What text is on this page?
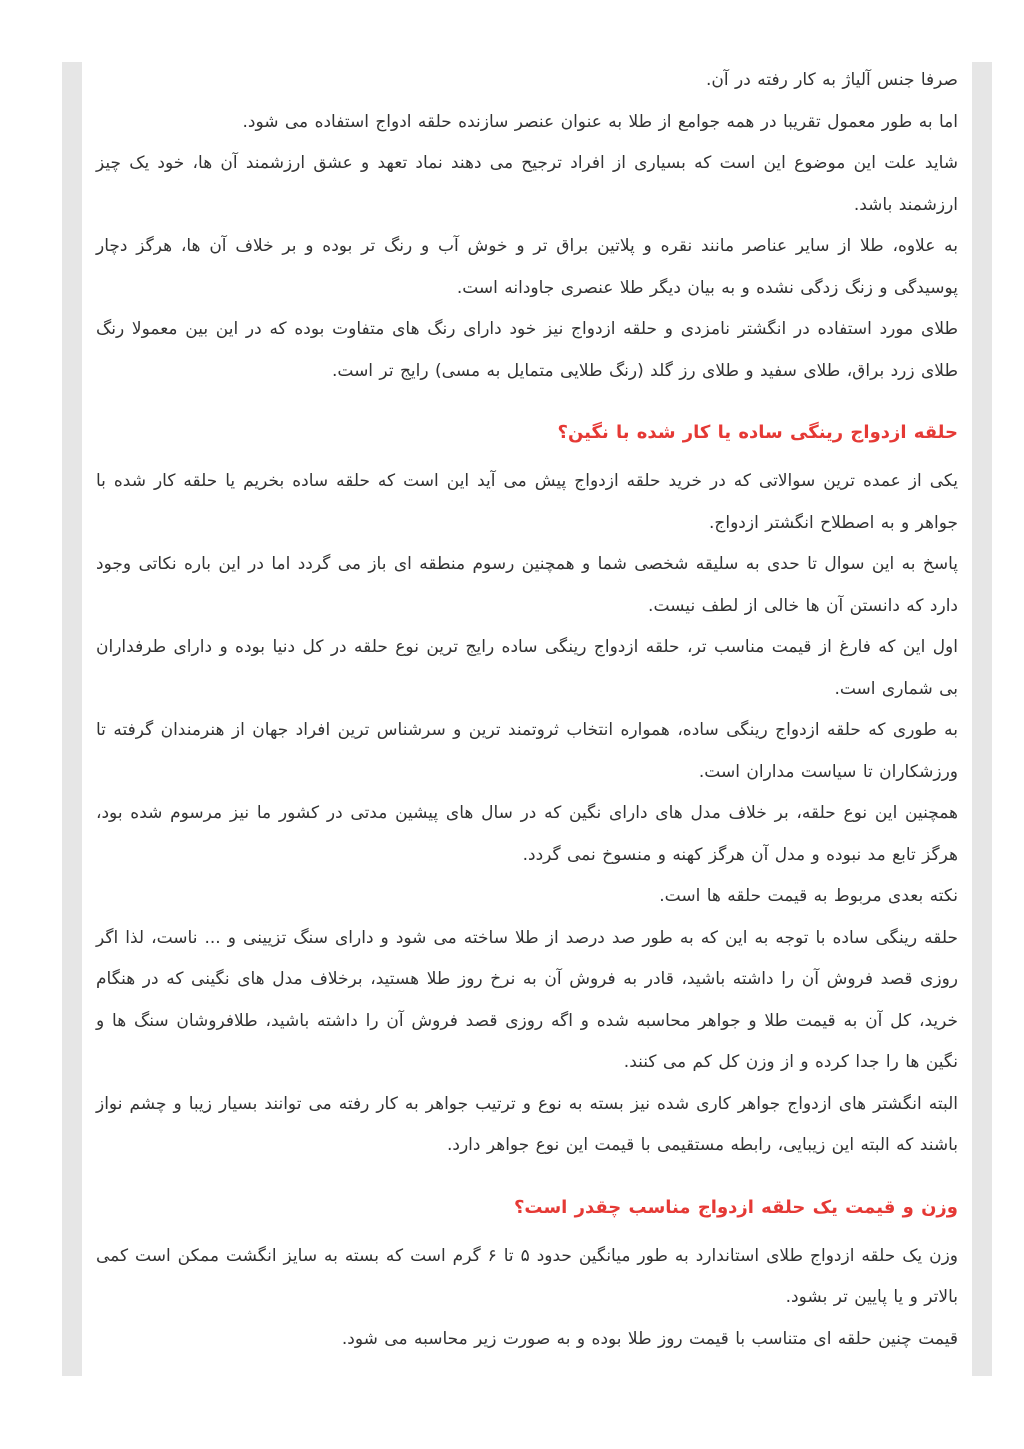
صرفا جنس آلیاژ به کار رفته در آن.

اما به طور معمول تقریبا در همه جوامع از طلا به عنوان عنصر سازنده حلقه ادواج استفاده می شود.

شاید علت این موضوع این است که بسیاری از افراد ترجیح می دهند نماد تعهد و عشق ارزشمند آن ها، خود یک چیز ارزشمند باشد.

به علاوه، طلا از سایر عناصر مانند نقره و پلاتین براق تر و خوش آب و رنگ تر بوده و بر خلاف آن ها، هرگز دچار پوسیدگی و زنگ زدگی نشده و به بیان دیگر طلا عنصری جاودانه است.

طلای مورد استفاده در انگشتر نامزدی و حلقه ازدواج نیز خود دارای رنگ های متفاوت بوده که در این بین معمولا رنگ طلای زرد براق، طلای سفید و طلای رز گلد (رنگ طلایی متمایل به مسی) رایج تر است.

حلقه ازدواج رینگی ساده یا کار شده با نگین؟

یکی از عمده ترین سوالاتی که در خرید حلقه ازدواج پیش می آید این است که حلقه ساده بخریم یا حلقه کار شده با جواهر و به اصطلاح انگشتر ازدواج.

پاسخ به این سوال تا حدی به سلیقه شخصی شما و همچنین رسوم منطقه ای باز می گردد اما در این باره نکاتی وجود دارد که دانستن آن ها خالی از لطف نیست.

اول این که فارغ از قیمت مناسب تر، حلقه ازدواج رینگی ساده رایج ترین نوع حلقه در کل دنیا بوده و دارای طرفداران بی شماری است.

به طوری که حلقه ازدواج رینگی ساده، همواره انتخاب ثروتمند ترین و سرشناس ترین افراد جهان از هنرمندان گرفته تا ورزشکاران تا سیاست مداران است.

همچنین این نوع حلقه، بر خلاف مدل های دارای نگین که در سال های پیشین مدتی در کشور ما نیز مرسوم شده بود، هرگز تابع مد نبوده و مدل آن هرگز کهنه و منسوخ نمی گردد.

نکته بعدی مربوط به قیمت حلقه ها است.

حلقه رینگی ساده با توجه به این که به طور صد درصد از طلا ساخته می شود و دارای سنگ تزیینی و ... ناست، لذا اگر روزی قصد فروش آن را داشته باشید، قادر به فروش آن به نرخ روز طلا هستید، برخلاف مدل های نگینی که در هنگام خرید، کل آن به قیمت طلا و جواهر محاسبه شده و اگه روزی قصد فروش آن را داشته باشید، طلافروشان سنگ ها و نگین ها را جدا کرده و از وزن کل کم می کنند.

البته انگشتر های ازدواج جواهر کاری شده نیز بسته به نوع و ترتیب جواهر به کار رفته می توانند بسیار زیبا و چشم نواز باشند که البته این زیبایی، رابطه مستقیمی با قیمت این نوع جواهر دارد.

وزن و قیمت یک حلقه ازدواج مناسب چقدر است؟

وزن یک حلقه ازدواج طلای استاندارد به طور میانگین حدود ۵ تا ۶ گرم است که بسته به سایز انگشت ممکن است کمی بالاتر و یا پایین تر بشود.

قیمت چنین حلقه ای متناسب با قیمت روز طلا بوده و به صورت زیر محاسبه می شود.
